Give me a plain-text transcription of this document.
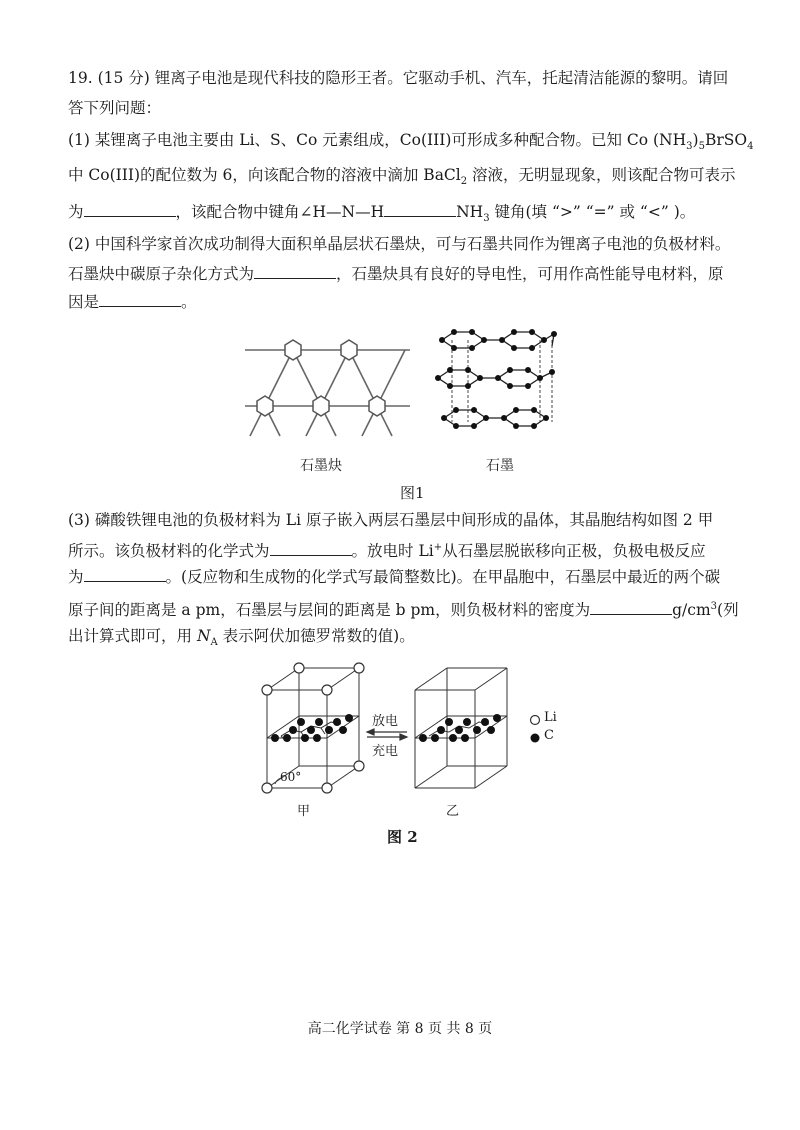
19. (15 分) 锂离子电池是现代科技的隐形王者。它驱动手机、汽车，托起清洁能源的黎明。请回
答下列问题：
(1) 某锂离子电池主要由 Li、S、Co 元素组成，Co(III)可形成多种配合物。已知 Co $(NH_3)_5BrSO_4$
中 Co(III)的配位数为 6，向该配合物的溶液中滴加 BaCl$_2$ 溶液，无明显现象，则该配合物可表示
为	，该配合物中键角∠H—N—H	$NH_3$ 键角(填 “>” “=” 或 “<” )。
(2) 中国科学家首次成功制得大面积单晶层状石墨炔，可与石墨共同作为锂离子电池的负极材料。
石墨炔中碳原子杂化方式为	，石墨炔具有良好的导电性，可用作高性能导电材料，原
因是	。
石墨炔	石墨
图1
(3) 磷酸铁锂电池的负极材料为 Li 原子嵌入两层石墨层中间形成的晶体，其晶胞结构如图 2 甲
所示。该负极材料的化学式为	。放电时 Li+从石墨层脱嵌移向正极，负极电极反应
为	。(反应物和生成物的化学式写最简整数比)。在甲晶胞中，石墨层中最近的两个碳
原子间的距离是 a pm，石墨层与层间的距离是 b pm，则负极材料的密度为	$g/cm^3$(列
出计算式即可，用 $N_A$ 表示阿伏加德罗常数的值)。
放电
充电
60°
甲	乙
Li
C
图 2
高二化学试卷 第 8 页 共 8 页
